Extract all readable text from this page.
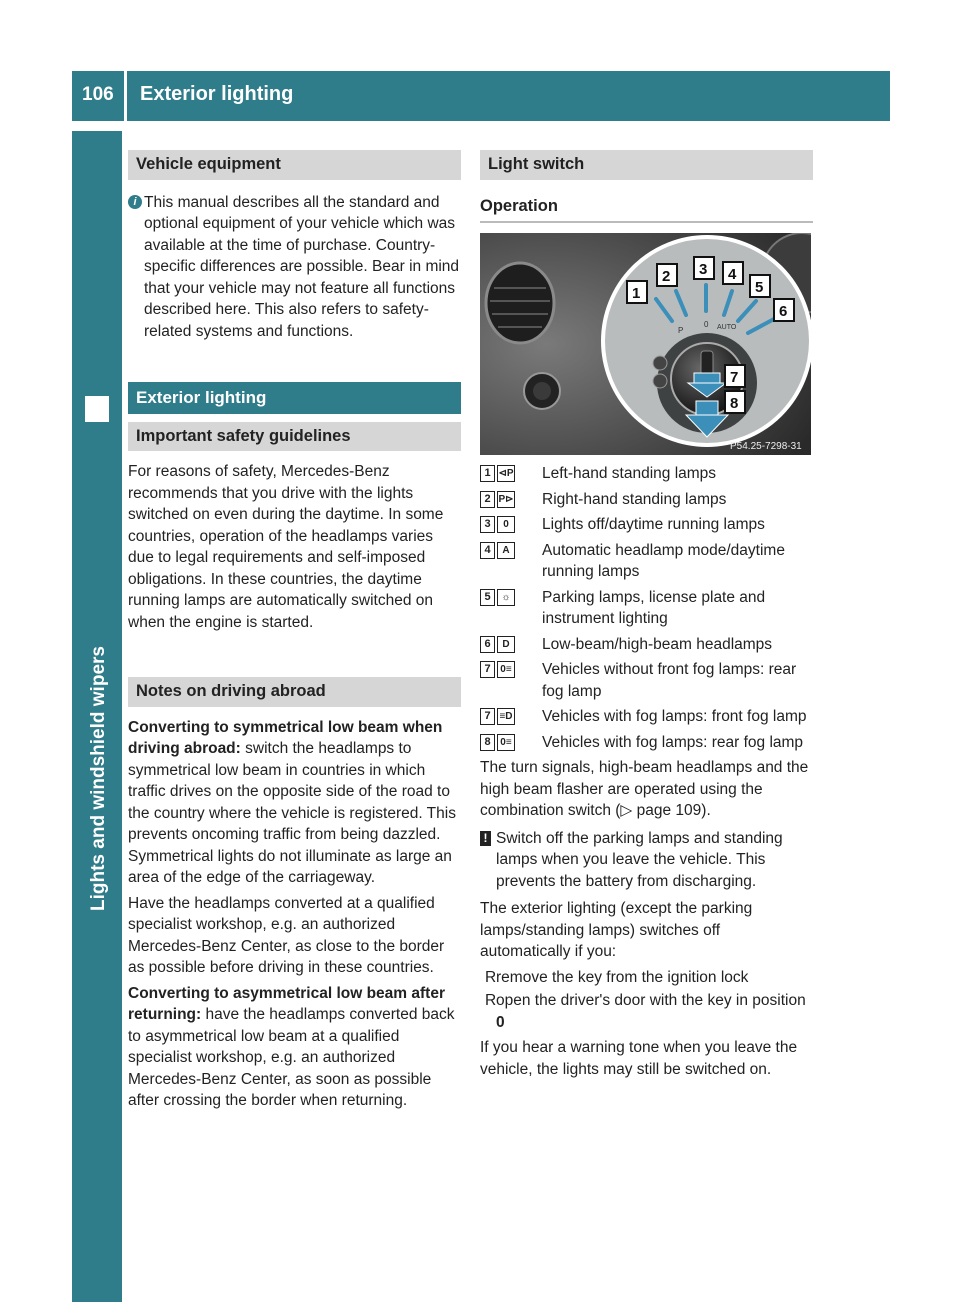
106 Exterior lighting
Lights and windshield wipers
Vehicle equipment
i This manual describes all the standard and optional equipment of your vehicle which was available at the time of purchase. Country-specific differences are possible. Bear in mind that your vehicle may not feature all functions described here. This also refers to safety-related systems and functions.
Exterior lighting
Important safety guidelines

For reasons of safety, Mercedes-Benz recommends that you drive with the lights switched on even during the daytime. In some countries, operation of the headlamps varies due to legal requirements and self-imposed obligations. In these countries, the daytime running lamps are automatically switched on when the engine is started.

Notes on driving abroad

Converting to symmetrical low beam when driving abroad: switch the headlamps to symmetrical low beam in countries in which traffic drives on the opposite side of the road to the country where the vehicle is registered. This prevents oncoming traffic from being dazzled. Symmetrical lights do not illuminate as large an area of the edge of the carriageway.

Have the headlamps converted at a qualified specialist workshop, e.g. an authorized Mercedes-Benz Center, as close to the border as possible before driving in these countries.

Converting to asymmetrical low beam after returning: have the headlamps converted back to asymmetrical low beam at a qualified specialist workshop, e.g. an authorized Mercedes-Benz Center, as soon as possible after crossing the border when returning.

Light switch
Operation
P
0 AUTO
1
2 3 4
5
6
7
8
P54.25-7298-31
1 ⊲P Left-hand standing lamps
2 P⊳ Right-hand standing lamps
3	0	Lights off/daytime running lamps
4	A	Automatic headlamp mode/daytime running lamps
5	☼ Parking lamps, license plate and instrument lighting
6	D	Low-beam/high-beam headlamps
7 0≡ Vehicles without front fog lamps: rear fog lamp
7 ≡D Vehicles with fog lamps: front fog lamp
8 0≡ Vehicles with fog lamps: rear fog lamp

The turn signals, high-beam headlamps and the high beam flasher are operated using the combination switch (▷ page 109).

! Switch off the parking lamps and standing lamps when you leave the vehicle. This prevents the battery from discharging.

The exterior lighting (except the parking lamps/standing lamps) switches off automatically if you:

R remove the key from the ignition lock
R open the driver's door with the key in position 0

If you hear a warning tone when you leave the vehicle, the lights may still be switched on.
